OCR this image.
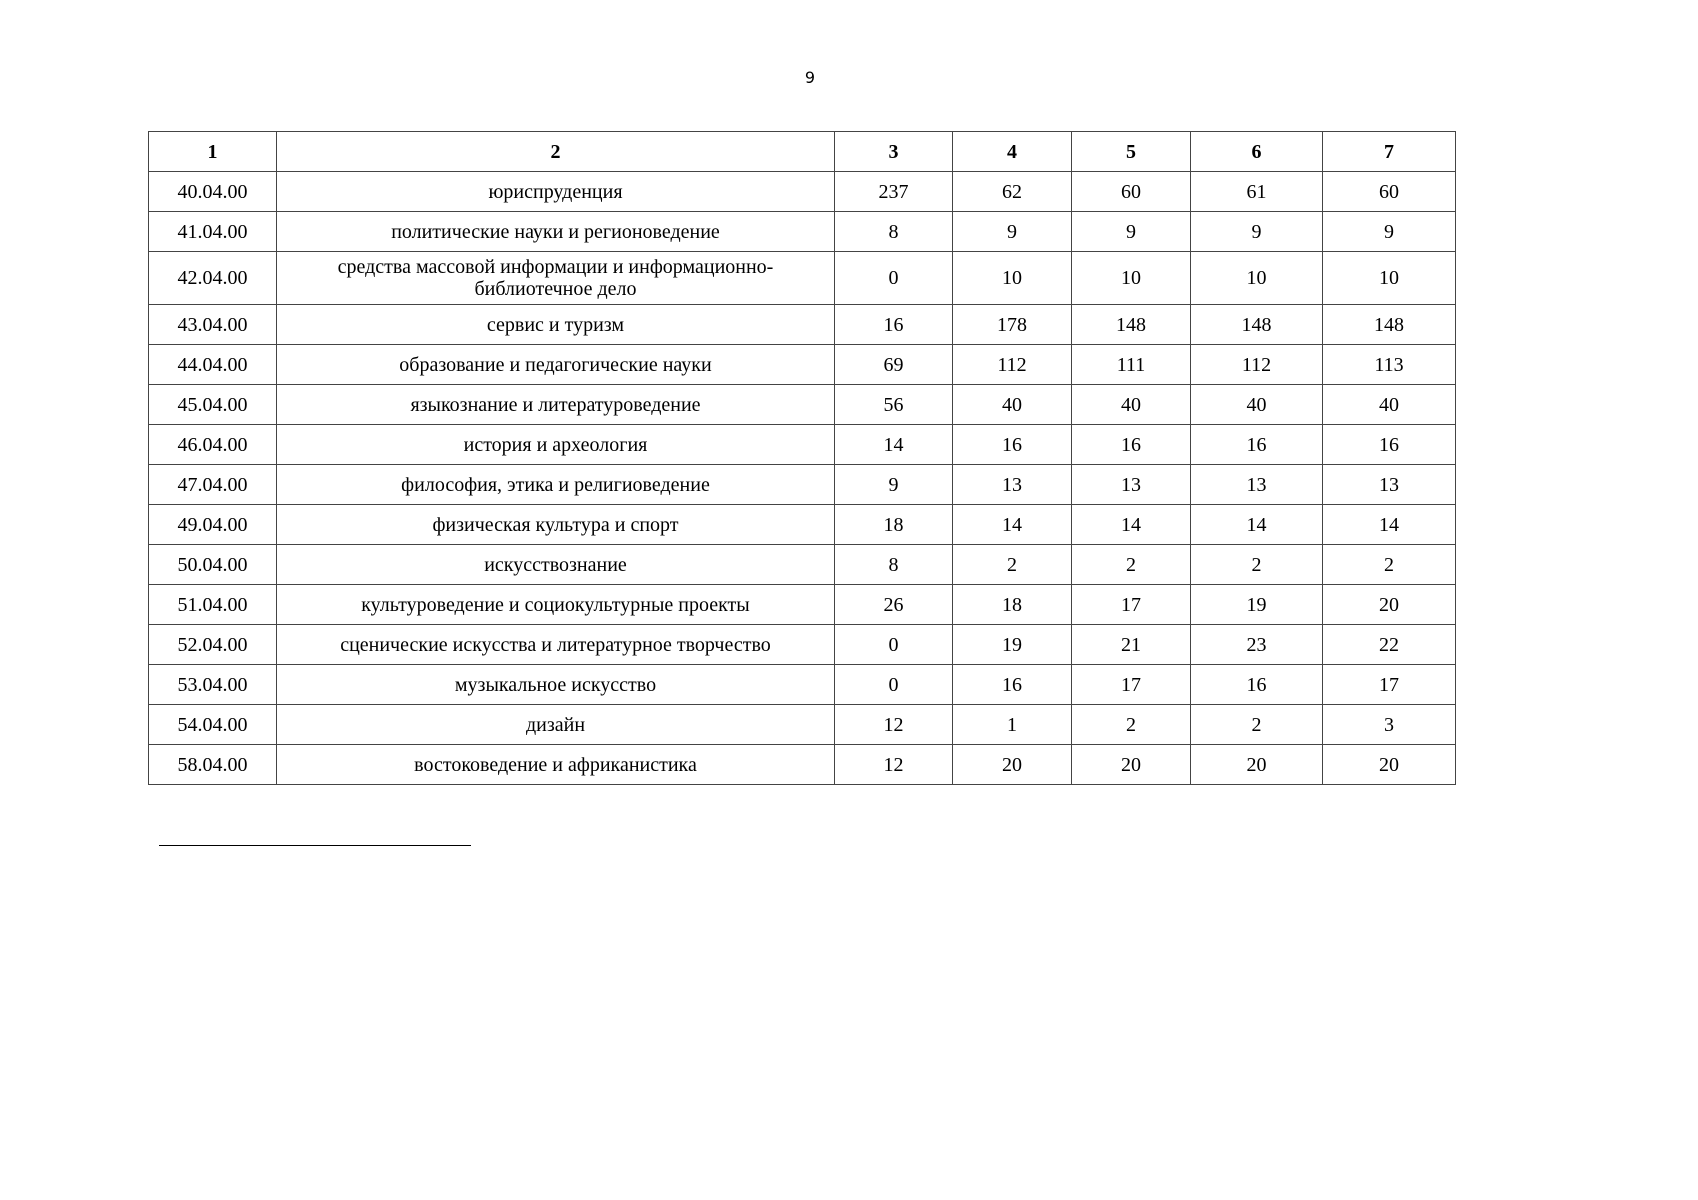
9
1	2	3	4	5	6	7
40.04.00	юриспруденция	237	62	60	61	60
41.04.00	политические науки и регионоведение	8	9	9	9	9
42.04.00	средства массовой информации и информационно-библиотечное дело	0	10	10	10	10
43.04.00	сервис и туризм	16	178	148	148	148
44.04.00	образование и педагогические науки	69	112	111	112	113
45.04.00	языкознание и литературоведение	56	40	40	40	40
46.04.00	история и археология	14	16	16	16	16
47.04.00	философия, этика и религиоведение	9	13	13	13	13
49.04.00	физическая культура и спорт	18	14	14	14	14
50.04.00	искусствознание	8	2	2	2	2
51.04.00	культуроведение и социокультурные проекты	26	18	17	19	20
52.04.00	сценические искусства и литературное творчество	0	19	21	23	22
53.04.00	музыкальное искусство	0	16	17	16	17
54.04.00	дизайн	12	1	2	2	3
58.04.00	востоковедение и африканистика	12	20	20	20	20
